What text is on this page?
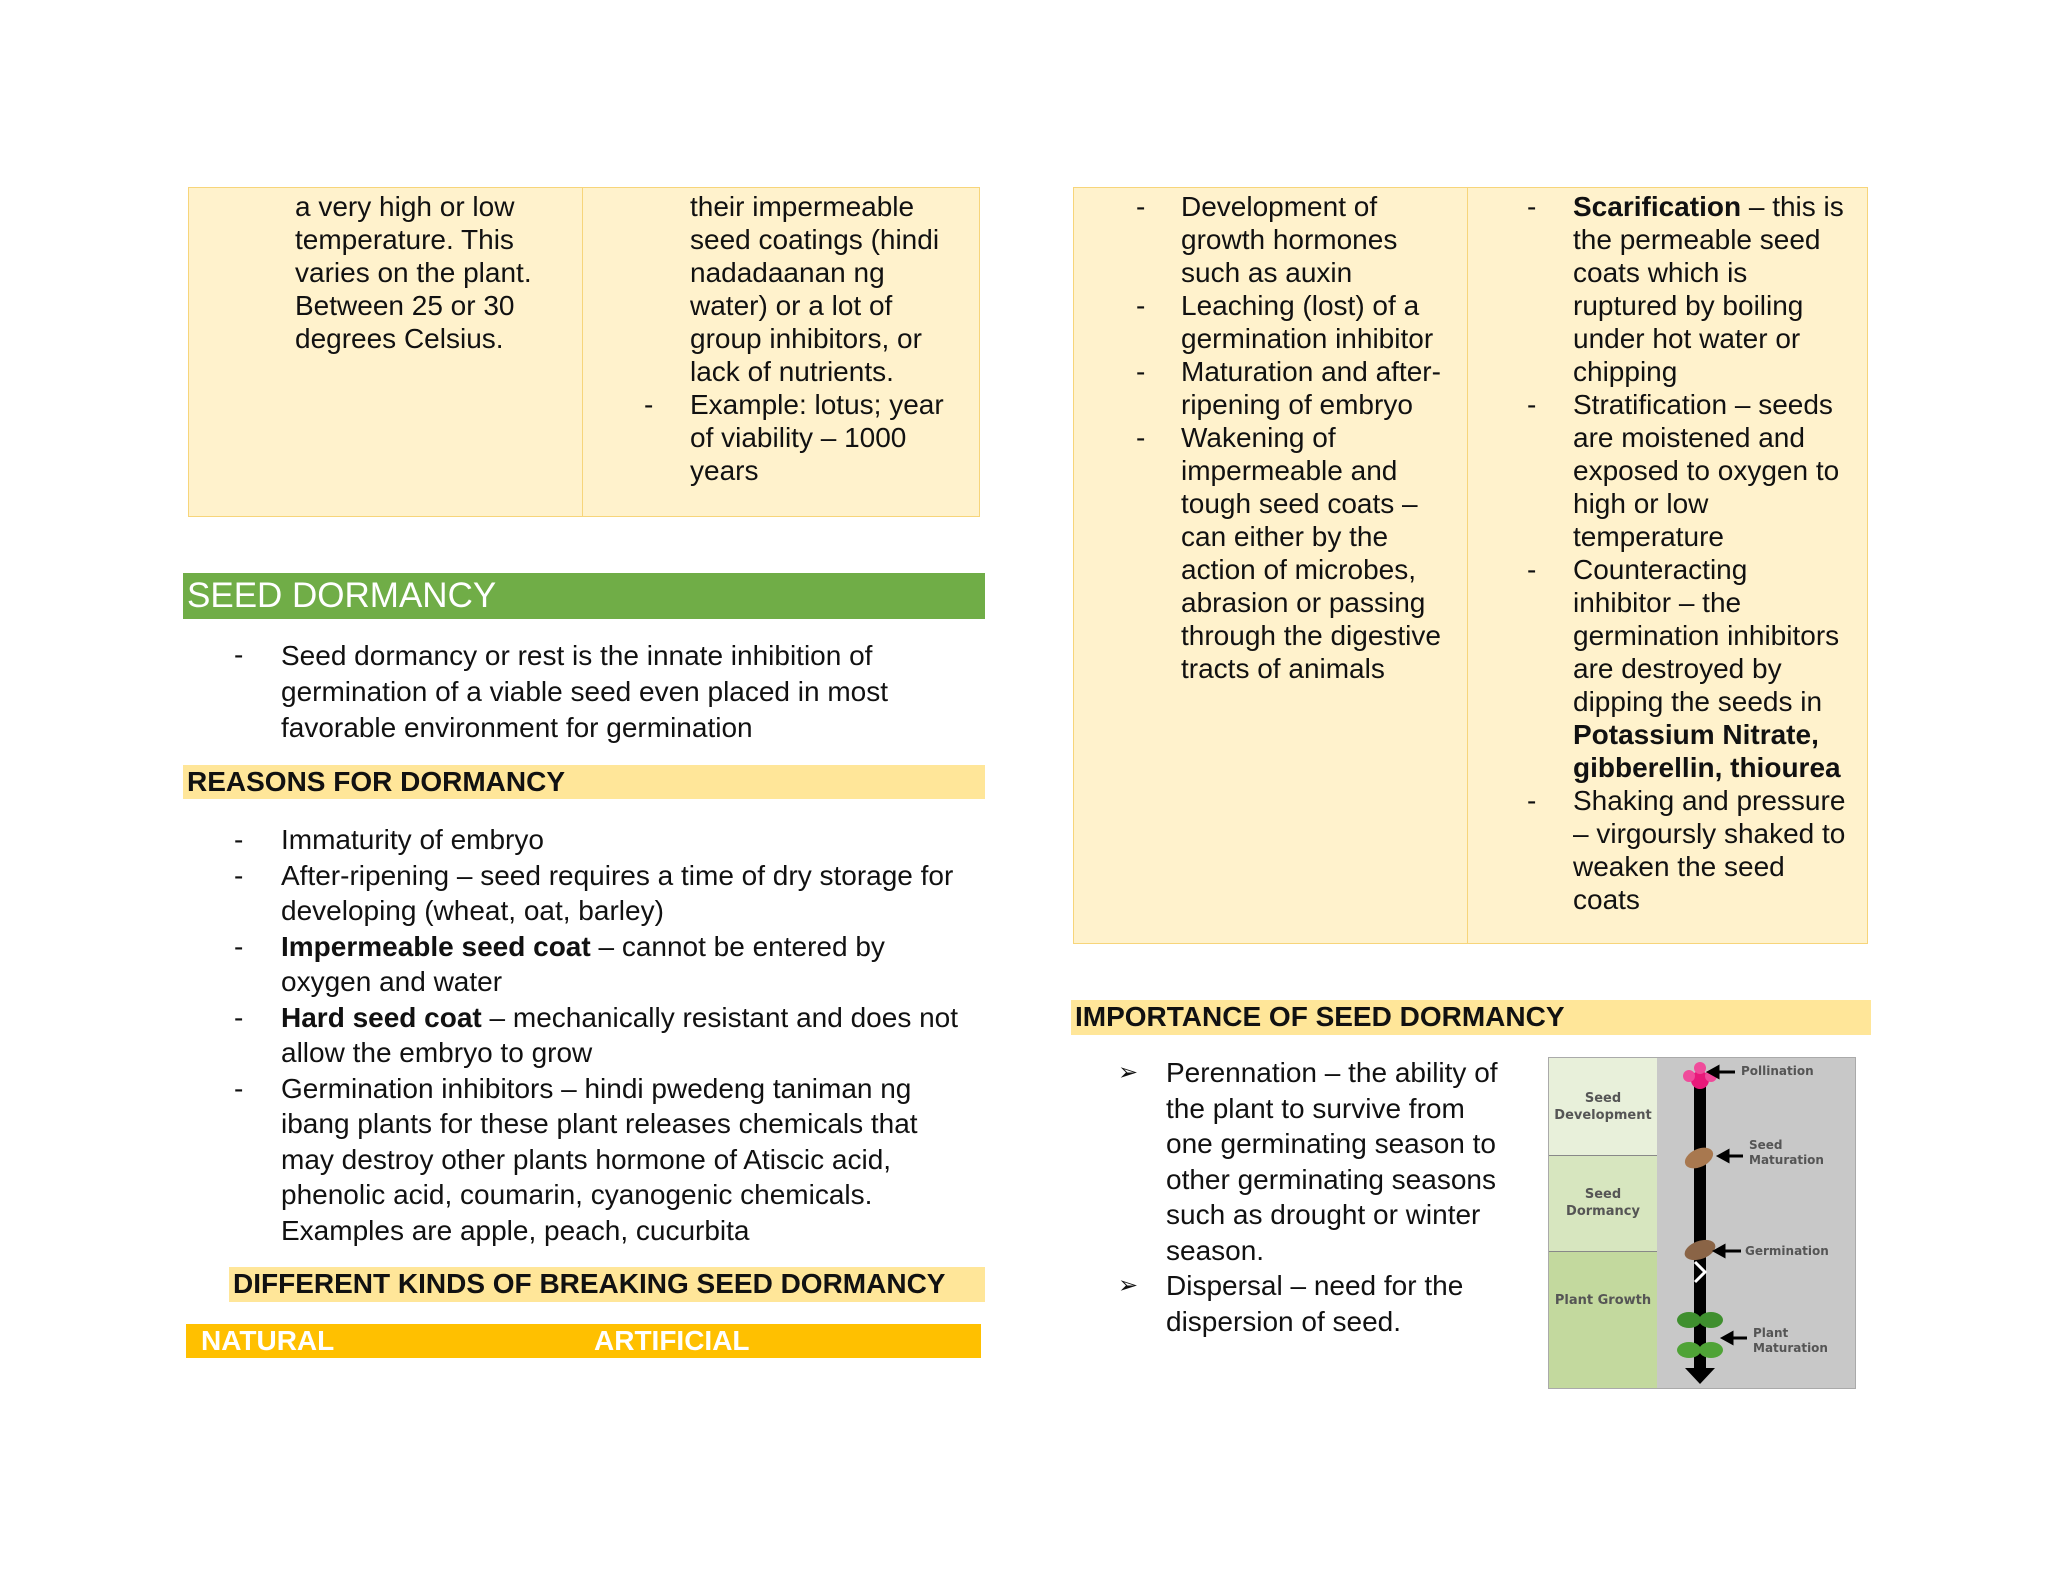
a very high or low
temperature. This
varies on the plant.
Between 25 or 30
degrees Celsius.
their impermeable
seed coatings (hindi
nadadaanan ng
water) or a lot of
group inhibitors, or
lack of nutrients.
Example: lotus; year
of viability – 1000
years
-
SEED DORMANCY
- Seed dormancy or rest is the innate inhibition of
germination of a viable seed even placed in most
favorable environment for germination
REASONS FOR DORMANCY
- Immaturity of embryo
- After-ripening – seed requires a time of dry storage for
developing (wheat, oat, barley)
- Impermeable seed coat – cannot be entered by
oxygen and water
- Hard seed coat – mechanically resistant and does not
allow the embryo to grow
- Germination inhibitors – hindi pwedeng taniman ng
ibang plants for these plant releases chemicals that
may destroy other plants hormone of Atiscic acid,
phenolic acid, coumarin, cyanogenic chemicals.
Examples are apple, peach, cucurbita
DIFFERENT KINDS OF BREAKING SEED DORMANCY
NATURAL	ARTIFICIAL
-
-
-
-
Development of
growth hormones
such as auxin
Leaching (lost) of a
germination inhibitor
Maturation and after-
ripening of embryo
Wakening of
impermeable and
tough seed coats –
can either by the
action of microbes,
abrasion or passing
through the digestive
tracts of animals
-
-
-
-
Scarification – this is
the permeable seed
coats which is
ruptured by boiling
under hot water or
chipping
Stratification – seeds
are moistened and
exposed to oxygen to
high or low
temperature
Counteracting
inhibitor – the
germination inhibitors
are destroyed by
dipping the seeds in
Potassium Nitrate,
gibberellin, thiourea
Shaking and pressure
– virgoursly shaked to
weaken the seed
coats
IMPORTANCE OF SEED DORMANCY
➢
➢
Perennation – the ability of
the plant to survive from
one germinating season to
other germinating seasons
such as drought or winter
season.
Dispersal – need for the
dispersion of seed.
Seed Development
Seed Dormancy
Plant Growth
Pollination
Seed Maturation
Germination
Plant Maturation
